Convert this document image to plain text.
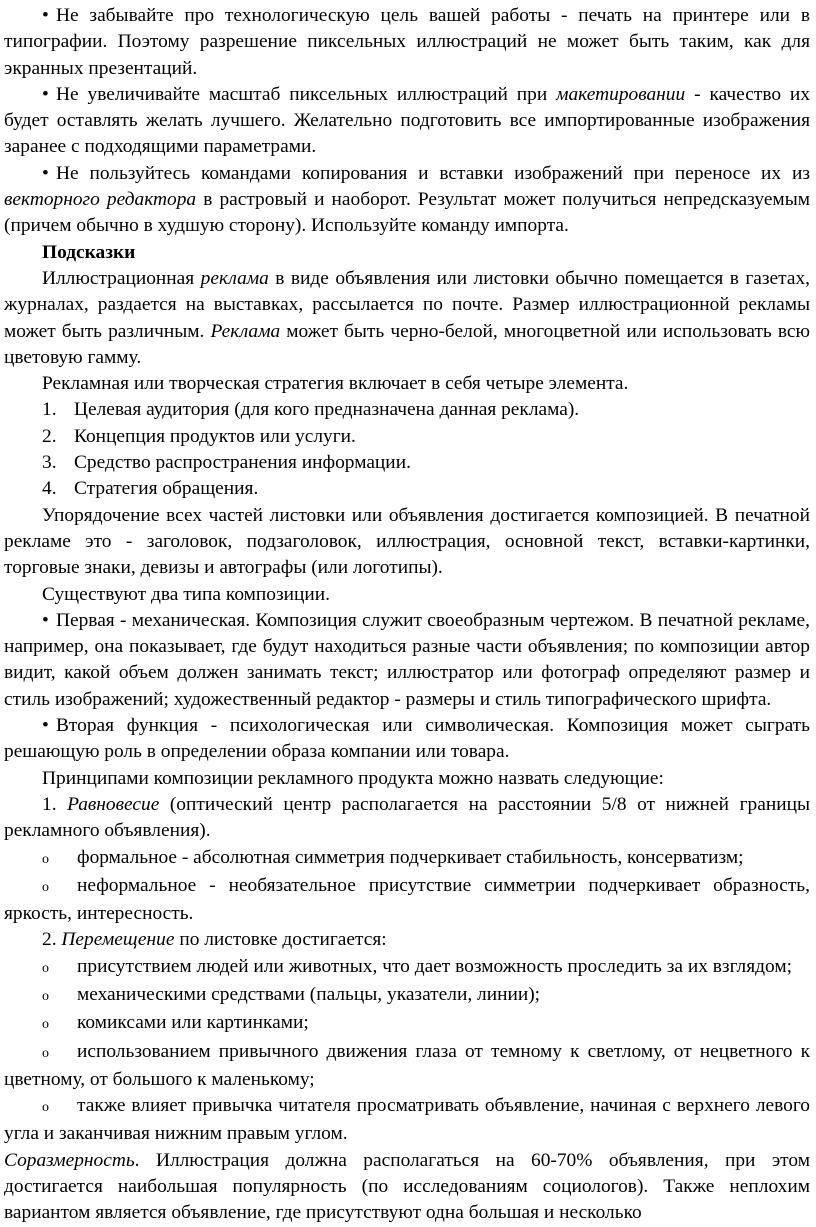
• Не забывайте про технологическую цель вашей работы - печать на принтере или в типографии. Поэтому разрешение пиксельных иллюстраций не может быть таким, как для экранных презентаций.

• Не увеличивайте масштаб пиксельных иллюстраций при макетировании - качество их будет оставлять желать лучшего. Желательно подготовить все импортированные изображения заранее с подходящими параметрами.

• Не пользуйтесь командами копирования и вставки изображений при переносе их из векторного редактора в растровый и наоборот. Результат может получиться непредсказуемым (причем обычно в худшую сторону). Используйте команду импорта.

Подсказки

Иллюстрационная реклама в виде объявления или листовки обычно помещается в газетах, журналах, раздается на выставках, рассылается по почте. Размер иллюстрационной рекламы может быть различным. Реклама может быть черно-белой, многоцветной или использовать всю цветовую гамму.

Рекламная или творческая стратегия включает в себя четыре элемента.

1. Целевая аудитория (для кого предназначена данная реклама).

2. Концепция продуктов или услуги.

3. Средство распространения информации.

4. Стратегия обращения.

Упорядочение всех частей листовки или объявления достигается композицией. В печатной рекламе это - заголовок, подзаголовок, иллюстрация, основной текст, вставки-картинки, торговые знаки, девизы и автографы (или логотипы).

Существуют два типа композиции.

• Первая - механическая. Композиция служит своеобразным чертежом. В печатной рекламе, например, она показывает, где будут находиться разные части объявления; по композиции автор видит, какой объем должен занимать текст; иллюстратор или фотограф определяют размер и стиль изображений; художественный редактор - размеры и стиль типографического шрифта.

• Вторая функция - психологическая или символическая. Композиция может сыграть решающую роль в определении образа компании или товара.

Принципами композиции рекламного продукта можно назвать следующие:

1. Равновесие (оптический центр располагается на расстоянии 5/8 от нижней границы рекламного объявления).

o формальное - абсолютная симметрия подчеркивает стабильность, консерватизм;

o неформальное - необязательное присутствие симметрии подчеркивает образность, яркость, интересность.

2. Перемещение по листовке достигается:

o присутствием людей или животных, что дает возможность проследить за их взглядом;

o механическими средствами (пальцы, указатели, линии);

o комиксами или картинками;

o использованием привычного движения глаза от темному к светлому, от нецветного к цветному, от большого к маленькому;

o также влияет привычка читателя просматривать объявление, начиная с верхнего левого угла и заканчивая нижним правым углом.

Соразмерность. Иллюстрация должна располагаться на 60-70% объявления, при этом достигается наибольшая популярность (по исследованиям социологов). Также неплохим вариантом является объявление, где присутствуют одна большая и несколько
